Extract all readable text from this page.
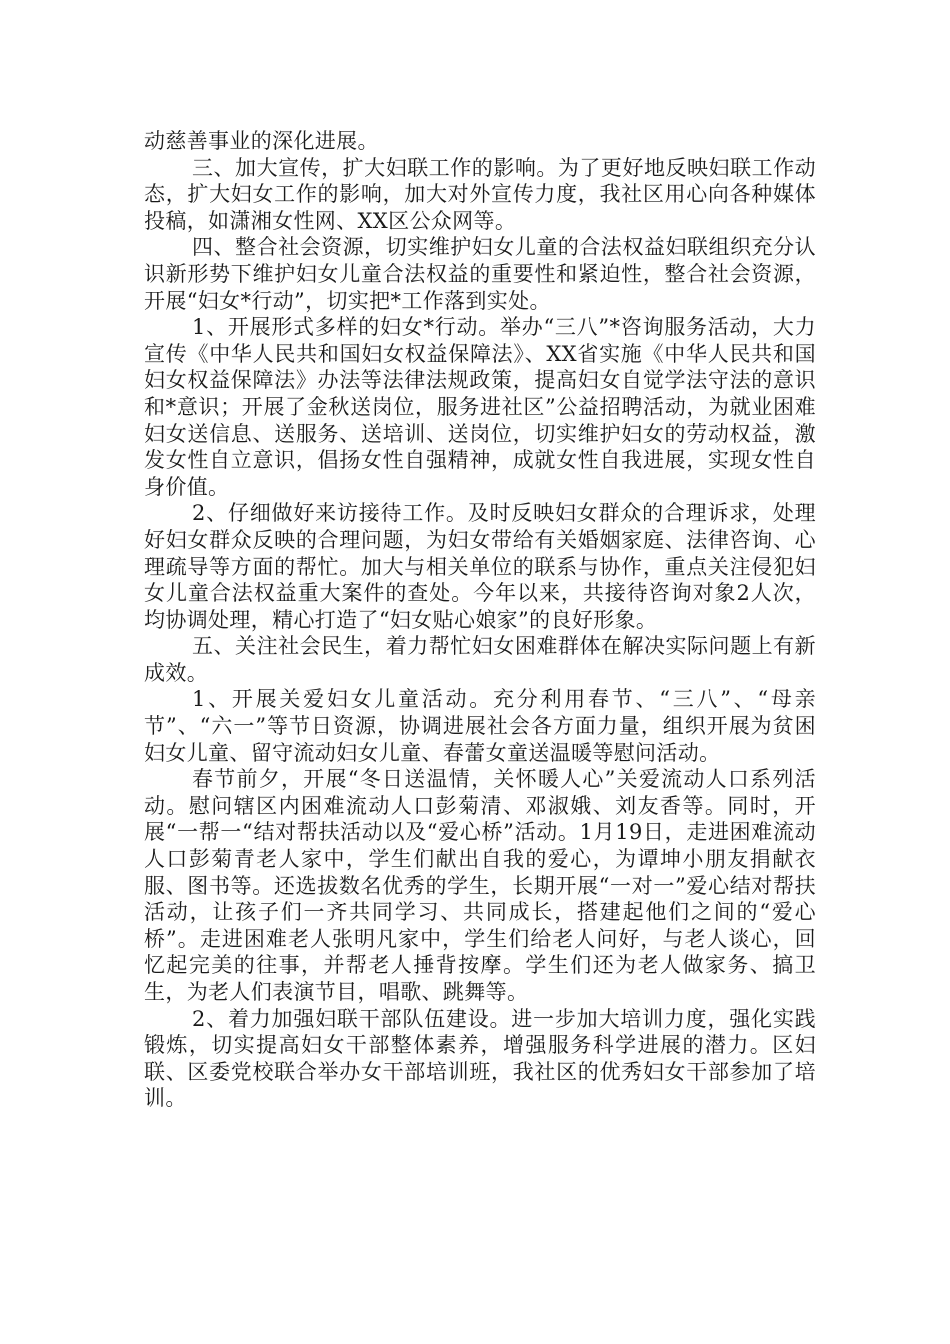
动慈善事业的深化进展。

三、加大宣传，扩大妇联工作的影响。为了更好地反映妇联工作动态，扩大妇女工作的影响，加大对外宣传力度，我社区用心向各种媒体投稿，如潇湘女性网、XX区公众网等。

四、整合社会资源，切实维护妇女儿童的合法权益妇联组织充分认识新形势下维护妇女儿童合法权益的重要性和紧迫性，整合社会资源，开展“妇女*行动”，切实把*工作落到实处。

1、开展形式多样的妇女*行动。举办“三八”*咨询服务活动，大力宣传《中华人民共和国妇女权益保障法》、XX省实施《中华人民共和国妇女权益保障法》办法等法律法规政策，提高妇女自觉学法守法的意识和*意识；开展了金秋送岗位，服务进社区”公益招聘活动，为就业困难妇女送信息、送服务、送培训、送岗位，切实维护妇女的劳动权益，激发女性自立意识，倡扬女性自强精神，成就女性自我进展，实现女性自身价值。

2、仔细做好来访接待工作。及时反映妇女群众的合理诉求，处理好妇女群众反映的合理问题，为妇女带给有关婚姻家庭、法律咨询、心理疏导等方面的帮忙。加大与相关单位的联系与协作，重点关注侵犯妇女儿童合法权益重大案件的查处。今年以来，共接待咨询对象2人次，均协调处理，精心打造了“妇女贴心娘家”的良好形象。

五、关注社会民生，着力帮忙妇女困难群体在解决实际问题上有新成效。

1、开展关爱妇女儿童活动。充分利用春节、“三八”、“母亲节”、“六一”等节日资源，协调进展社会各方面力量，组织开展为贫困妇女儿童、留守流动妇女儿童、春蕾女童送温暖等慰问活动。

春节前夕，开展“冬日送温情，关怀暖人心”关爱流动人口系列活动。慰问辖区内困难流动人口彭菊清、邓淑娥、刘友香等。同时，开展“一帮一“结对帮扶活动以及“爱心桥”活动。1月19日，走进困难流动人口彭菊青老人家中，学生们献出自我的爱心，为谭坤小朋友捐献衣服、图书等。还选拔数名优秀的学生，长期开展“一对一”爱心结对帮扶活动，让孩子们一齐共同学习、共同成长，搭建起他们之间的“爱心桥”。走进困难老人张明凡家中，学生们给老人问好，与老人谈心，回忆起完美的往事，并帮老人捶背按摩。学生们还为老人做家务、搞卫生，为老人们表演节目，唱歌、跳舞等。

2、着力加强妇联干部队伍建设。进一步加大培训力度，强化实践锻炼，切实提高妇女干部整体素养，增强服务科学进展的潜力。区妇联、区委党校联合举办女干部培训班，我社区的优秀妇女干部参加了培训。
